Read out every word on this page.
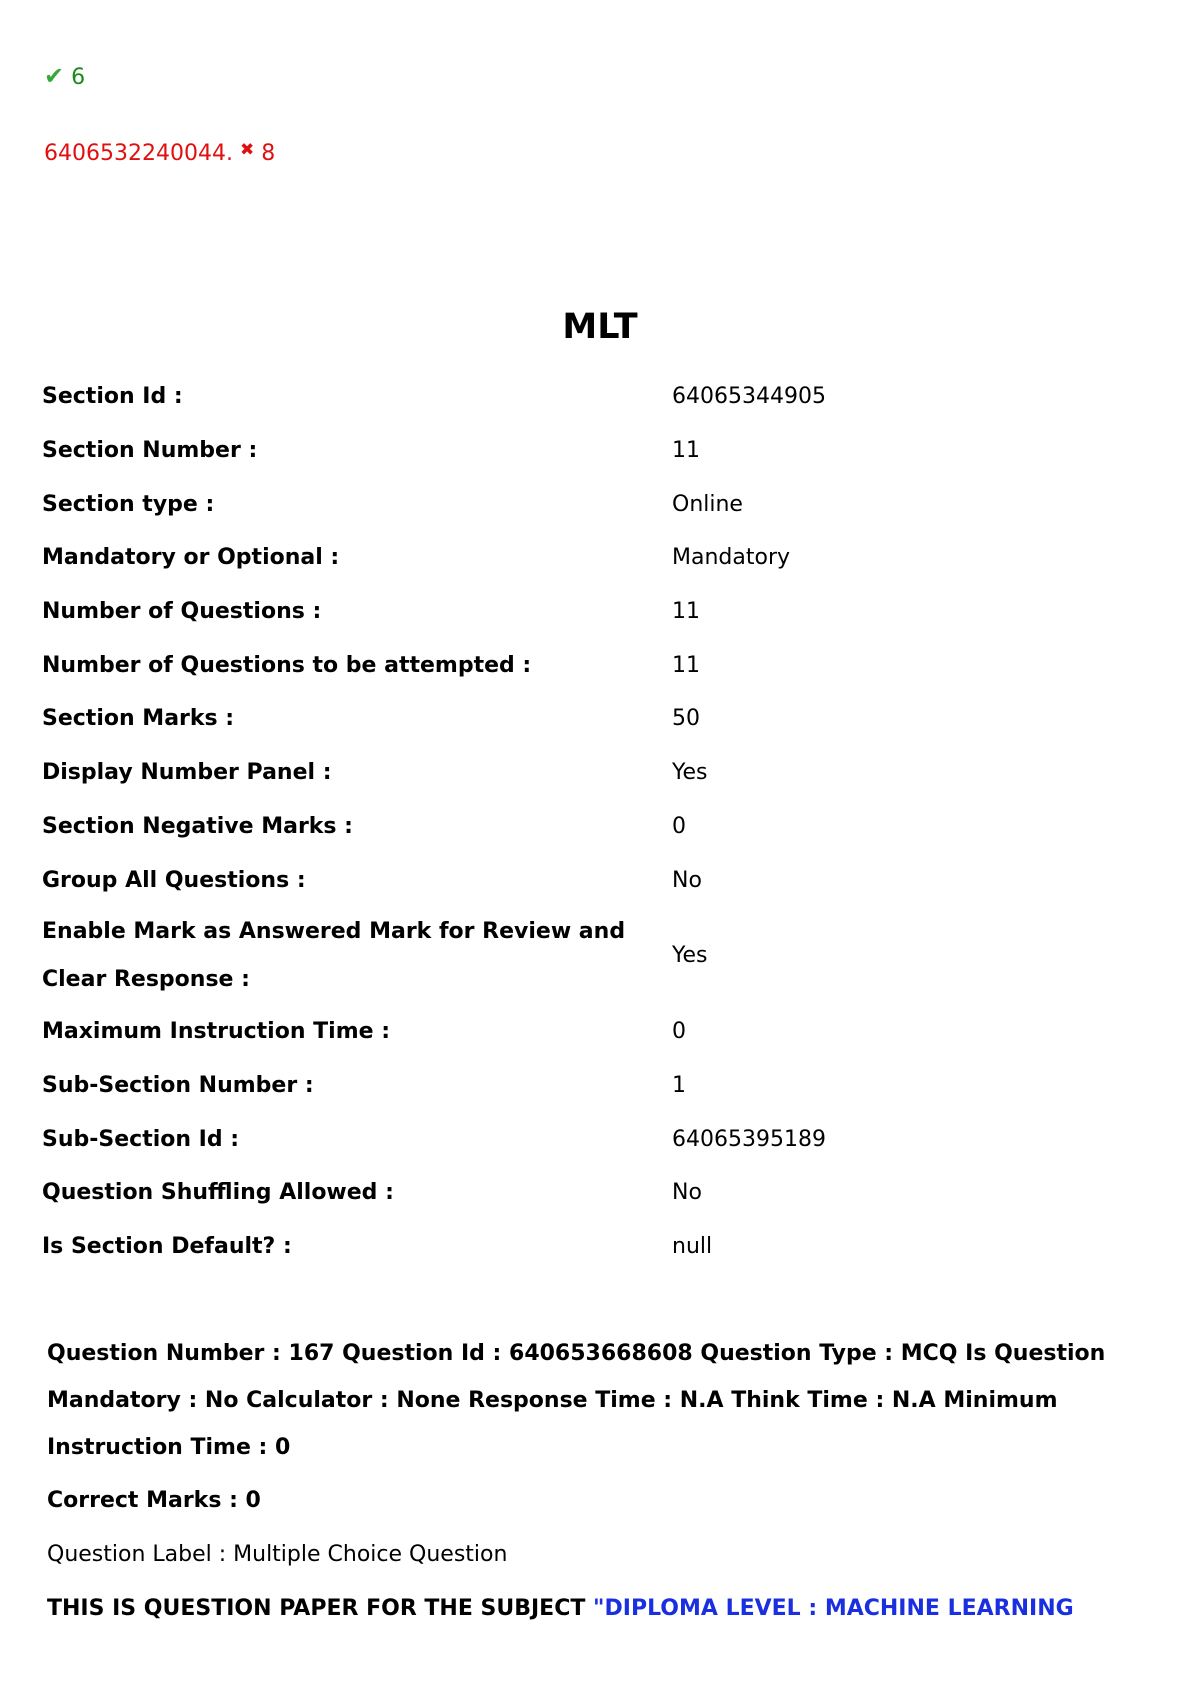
✔ 6
6406532240044. ✖ 8
MLT
Section Id :	64065344905
Section Number :	11
Section type :	Online
Mandatory or Optional :	Mandatory
Number of Questions :	11
Number of Questions to be attempted :	11
Section Marks :	50
Display Number Panel :	Yes
Section Negative Marks :	0
Group All Questions :	No
Enable Mark as Answered Mark for Review and Clear Response :	Yes
Maximum Instruction Time :	0
Sub-Section Number :	1
Sub-Section Id :	64065395189
Question Shuffling Allowed :	No
Is Section Default? :	null

Question Number : 167 Question Id : 640653668608 Question Type : MCQ Is Question Mandatory : No Calculator : None Response Time : N.A Think Time : N.A Minimum Instruction Time : 0

Correct Marks : 0

Question Label : Multiple Choice Question

THIS IS QUESTION PAPER FOR THE SUBJECT "DIPLOMA LEVEL : MACHINE LEARNING
